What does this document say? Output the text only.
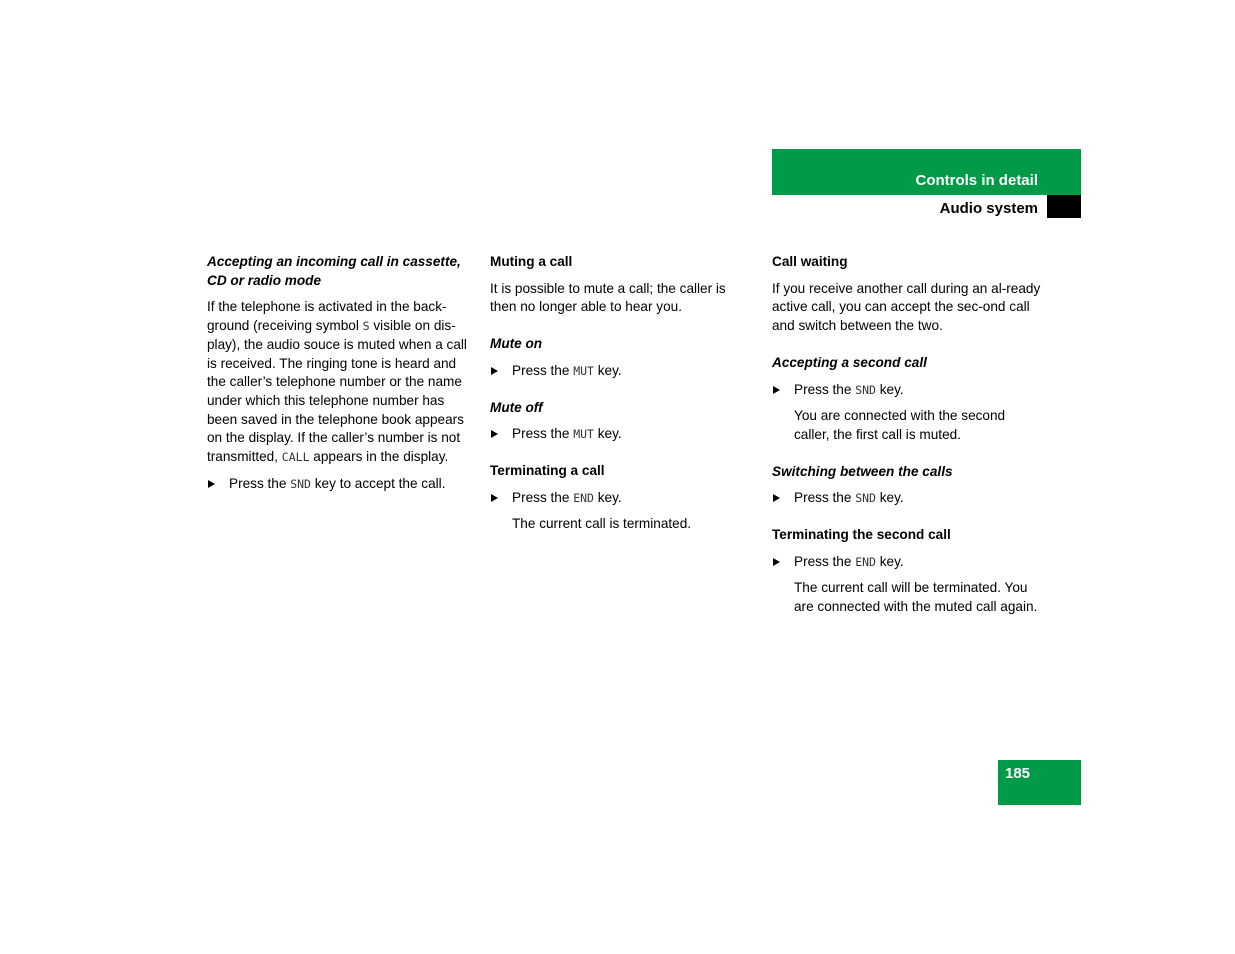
Controls in detail
Audio system
Accepting an incoming call in cassette, CD or radio mode

If the telephone is activated in the back-ground (receiving symbol S visible on dis-play), the audio souce is muted when a call is received. The ringing tone is heard and the caller’s telephone number or the name under which this telephone number has been saved in the telephone book appears on the display. If the caller’s number is not transmitted, CALL appears in the display.

Press the SND key to accept the call.
Muting a call

It is possible to mute a call; the caller is then no longer able to hear you.

Mute on
Press the MUT key.
Mute off
Press the MUT key.
Terminating a call
Press the END key.

The current call is terminated.

Call waiting

If you receive another call during an al-ready active call, you can accept the sec-ond call and switch between the two.

Accepting a second call
Press the SND key.

You are connected with the second caller, the first call is muted.

Switching between the calls
Press the SND key.
Terminating the second call
Press the END key.

The current call will be terminated. You are connected with the muted call again.

185
